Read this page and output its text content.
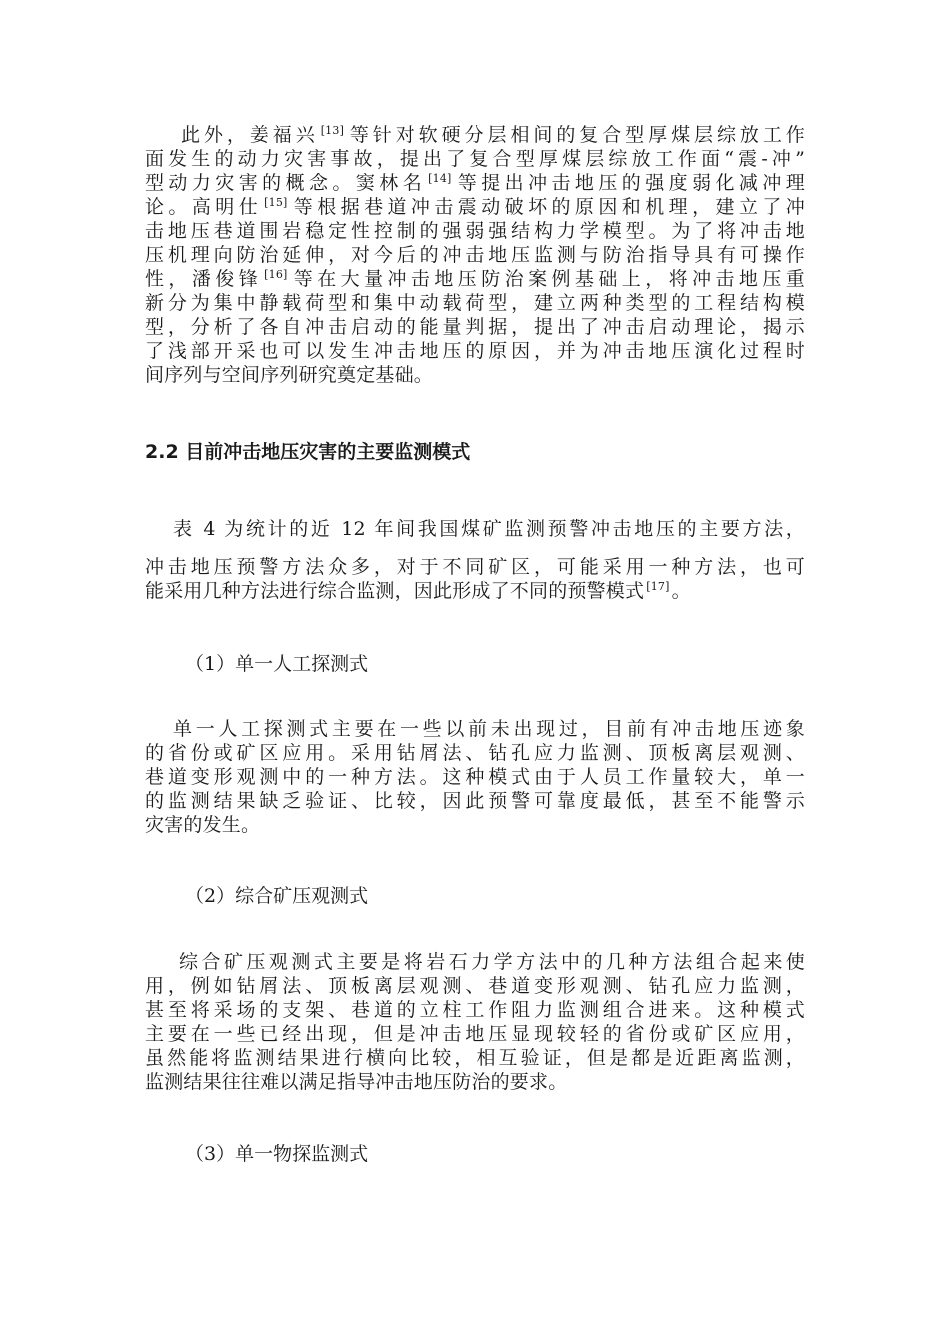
此外，姜福兴 [13] 等针对软硬分层相间的复合型厚煤层综放工作
面发生的动力灾害事故，提出了复合型厚煤层综放工作面“震-冲”
型动力灾害的概念。窦林名 [14] 等提出冲击地压的强度弱化减冲理
论。高明仕 [15] 等根据巷道冲击震动破坏的原因和机理，建立了冲
击地压巷道围岩稳定性控制的强弱强结构力学模型。为了将冲击地
压机理向防治延伸，对今后的冲击地压监测与防治指导具有可操作
性，潘俊锋 [16] 等在大量冲击地压防治案例基础上，将冲击地压重
新分为集中静载荷型和集中动载荷型，建立两种类型的工程结构模
型，分析了各自冲击启动的能量判据，提出了冲击启动理论，揭示
了浅部开采也可以发生冲击地压的原因，并为冲击地压演化过程时
间序列与空间序列研究奠定基础。
2.2 目前冲击地压灾害的主要监测模式
表 4 为统计的近 12 年间我国煤矿监测预警冲击地压的主要方法，
冲击地压预警方法众多，对于不同矿区，可能采用一种方法，也可
能采用几种方法进行综合监测，因此形成了不同的预警模式 [17] 。

（1）单一人工探测式

单一人工探测式主要在一些以前未出现过，目前有冲击地压迹象
的省份或矿区应用。采用钻屑法、钻孔应力监测、顶板离层观测、
巷道变形观测中的一种方法。这种模式由于人员工作量较大，单一
的监测结果缺乏验证、比较，因此预警可靠度最低，甚至不能警示
灾害的发生。

（2）综合矿压观测式

综合矿压观测式主要是将岩石力学方法中的几种方法组合起来使
用，例如钻屑法、顶板离层观测、巷道变形观测、钻孔应力监测，
甚至将采场的支架、巷道的立柱工作阻力监测组合进来。这种模式
主要在一些已经出现，但是冲击地压显现较轻的省份或矿区应用，
虽然能将监测结果进行横向比较，相互验证，但是都是近距离监测，
监测结果往往难以满足指导冲击地压防治的要求。

（3）单一物探监测式
